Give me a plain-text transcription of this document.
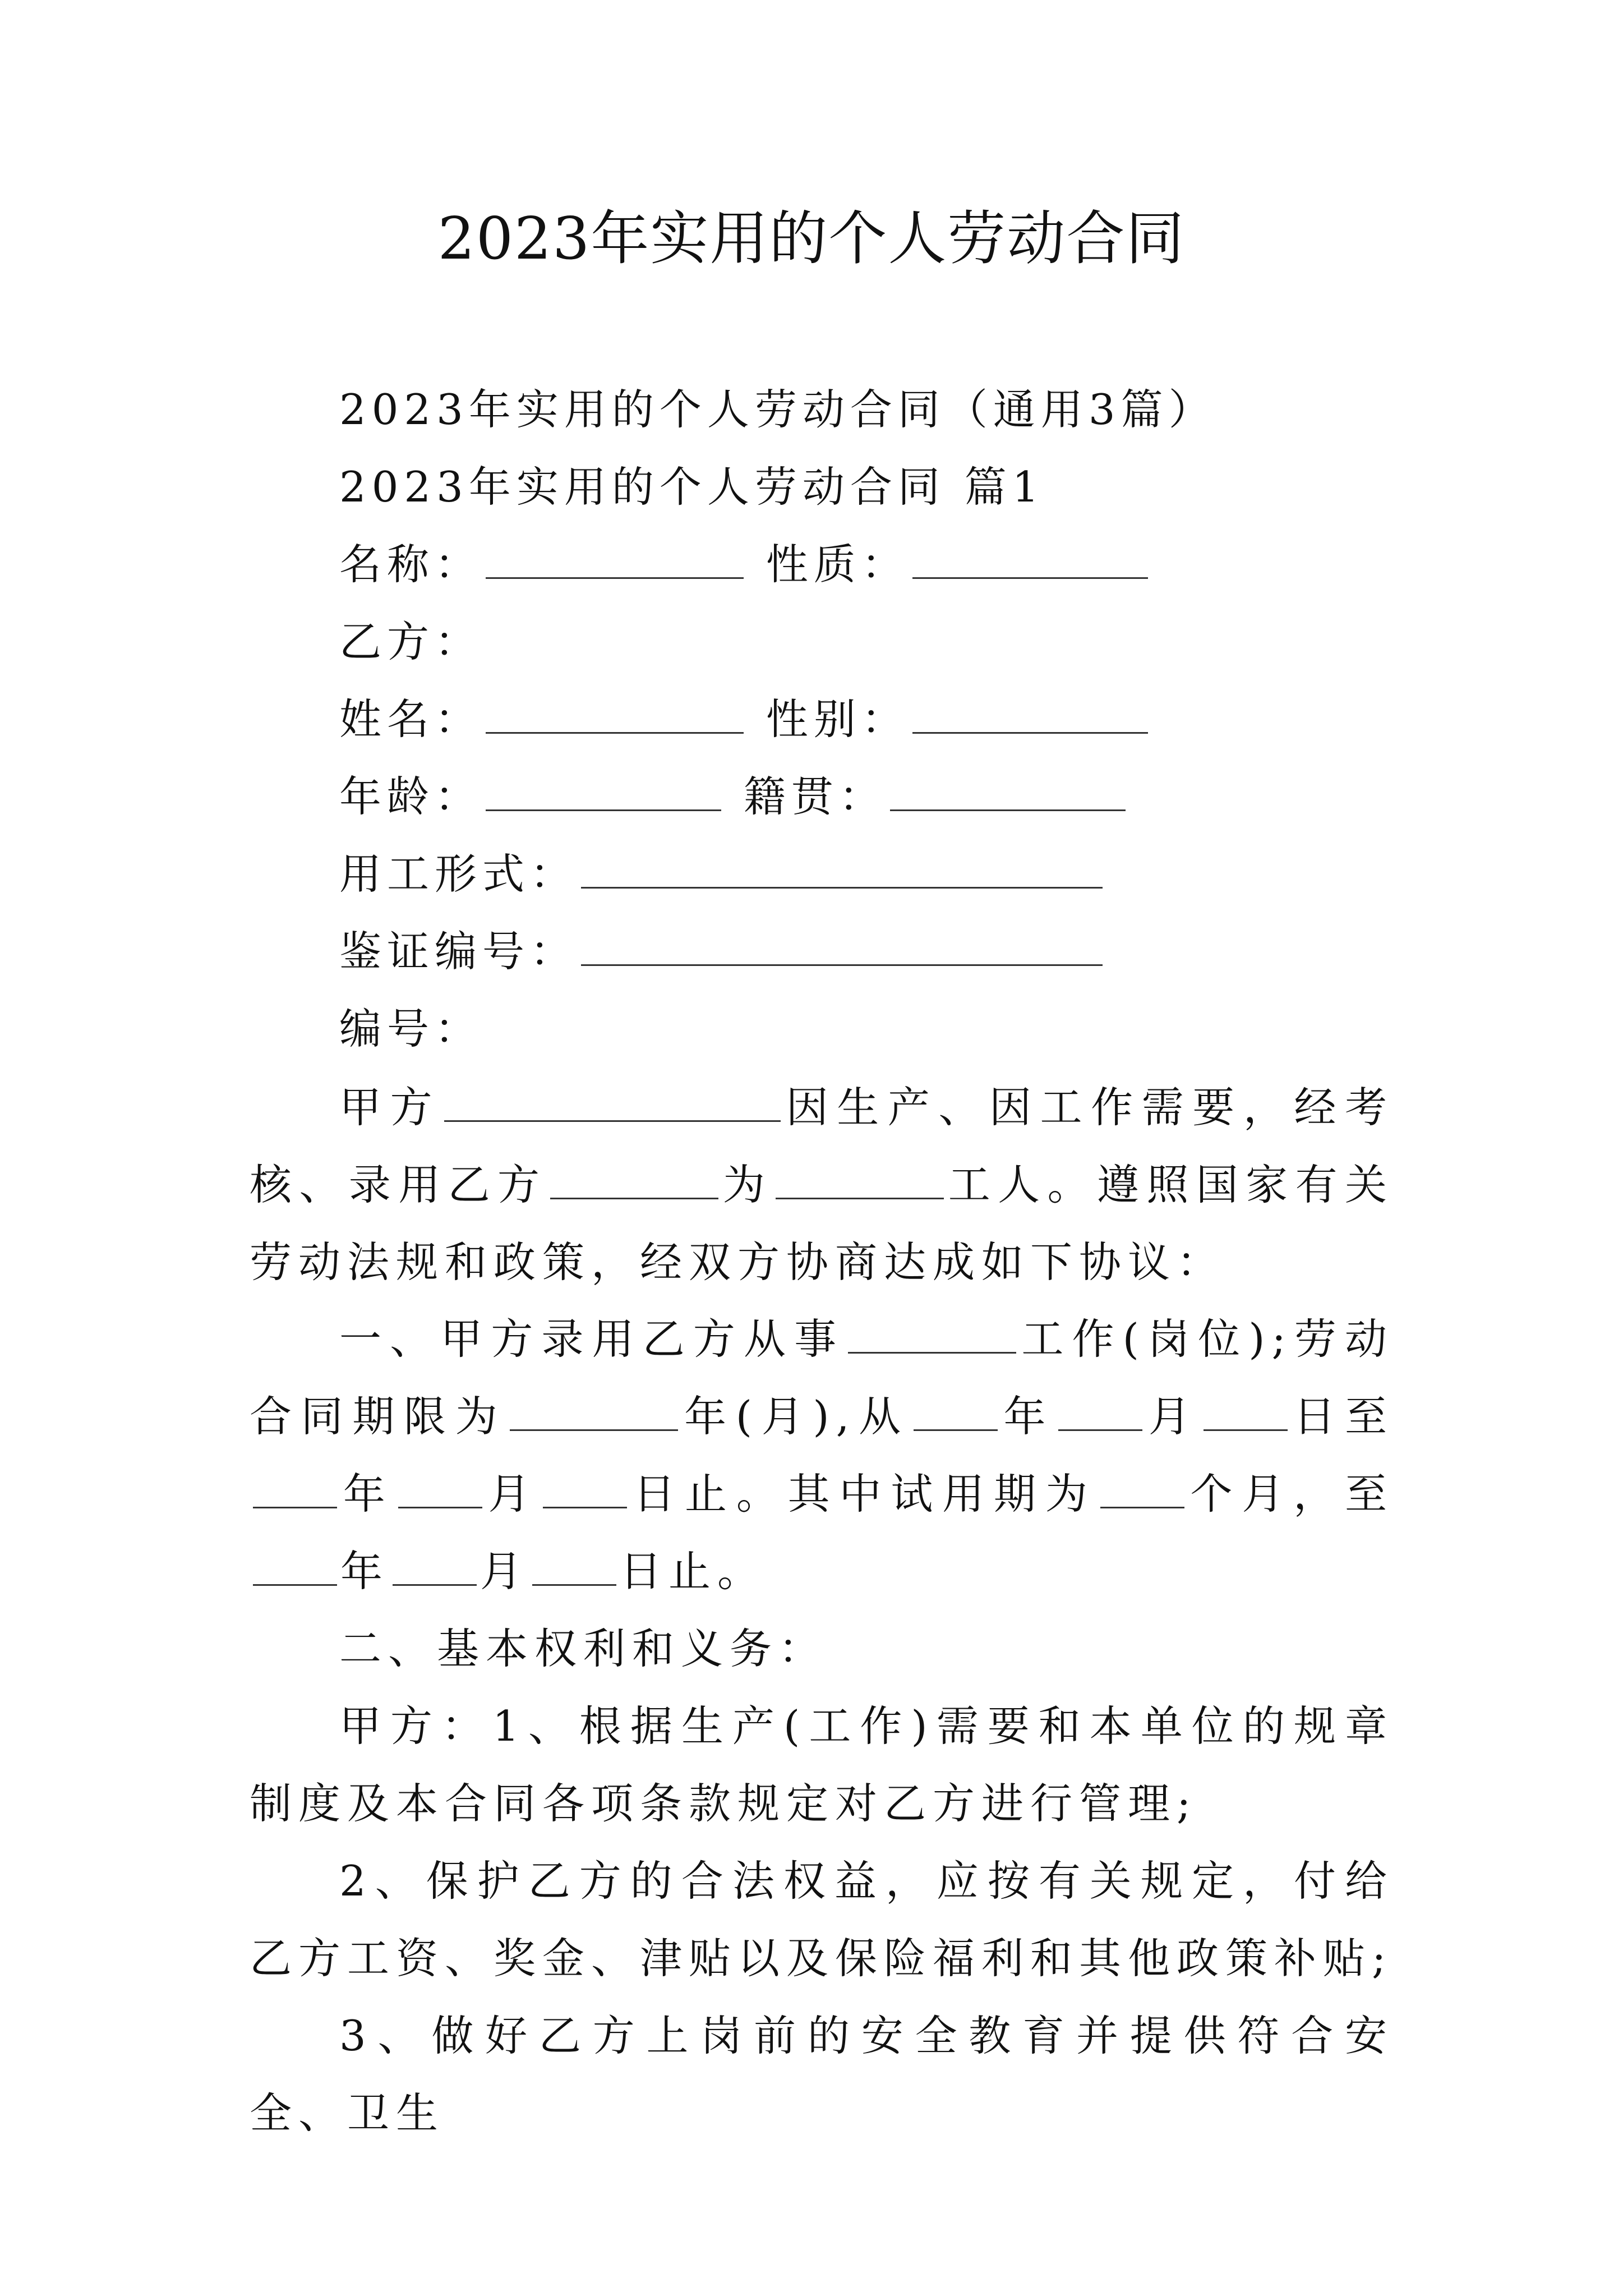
2023年实用的个人劳动合同
2023年实用的个人劳动合同（通用3篇）
2023年实用的个人劳动合同 篇1
名称：	性质：
乙方：
姓名：	性别：
年龄：	籍贯：
用工形式：
鉴证编号：
编号：
甲方	因生产、因工作需要，经考核、录用乙方	为	工人。遵照国家有关劳动法规和政策，经双方协商达成如下协议：
一、甲方录用乙方从事	工作(岗位);劳动合同期限为	年(月),从 年 月 日至年 月 日止。其中试用期为 个月，至年 月 日止。
二、基本权利和义务：
甲方：1、根据生产(工作)需要和本单位的规章制度及本合同各项条款规定对乙方进行管理;
2、保护乙方的合法权益，应按有关规定，付给乙方工资、奖金、津贴以及保险福利和其他政策补贴;
3、做好乙方上岗前的安全教育并提供符合安全、卫生
